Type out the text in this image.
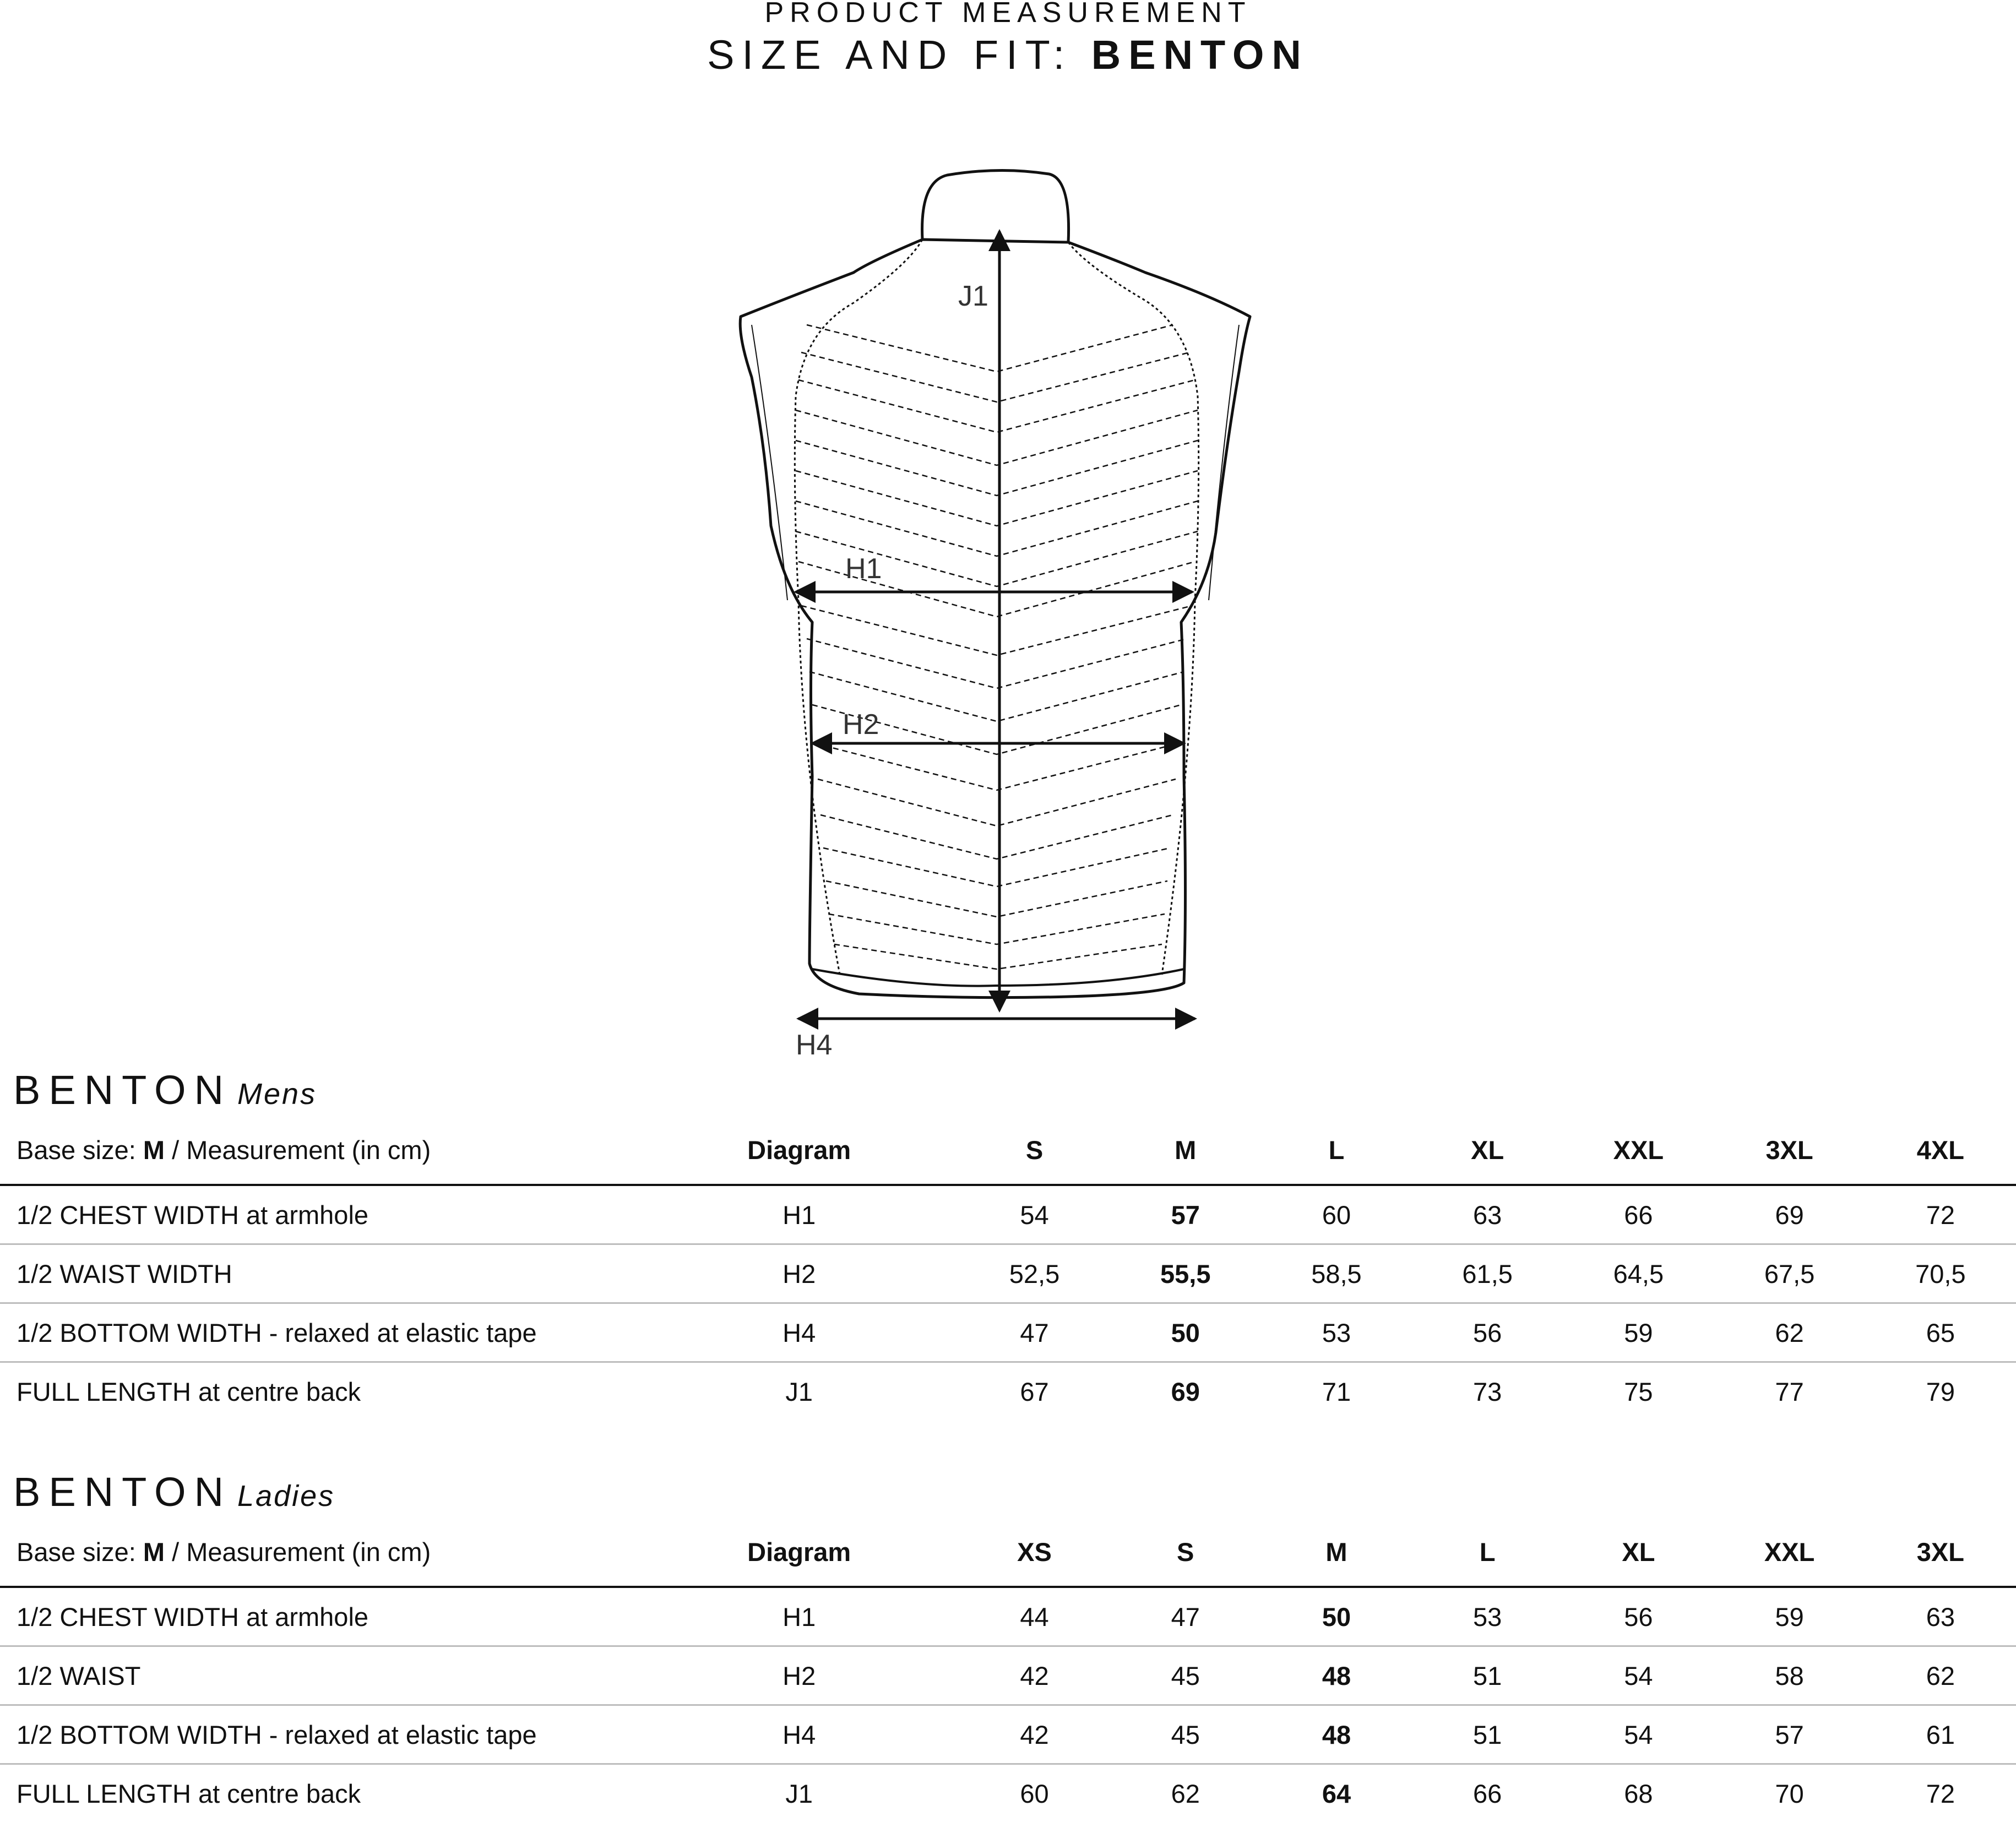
PRODUCT MEASUREMENT
SIZE AND FIT: BENTON
J1
H1
H2
H4
BENTON Mens
Base size: M / Measurement (in cm)	Diagram	S	M	L	XL	XXL	3XL	4XL
1/2 CHEST WIDTH at armhole	H1	54	57	60	63	66	69	72
1/2 WAIST WIDTH	H2	52,5	55,5	58,5	61,5	64,5	67,5	70,5
1/2 BOTTOM WIDTH - relaxed at elastic tape	H4	47	50	53	56	59	62	65
FULL LENGTH at centre back	J1	67	69	71	73	75	77	79
BENTON Ladies
Base size: M / Measurement (in cm)	Diagram	XS	S	M	L	XL	XXL	3XL
1/2 CHEST WIDTH at armhole	H1	44	47	50	53	56	59	63
1/2 WAIST	H2	42	45	48	51	54	58	62
1/2 BOTTOM WIDTH - relaxed at elastic tape	H4	42	45	48	51	54	57	61
FULL LENGTH at centre back	J1	60	62	64	66	68	70	72
